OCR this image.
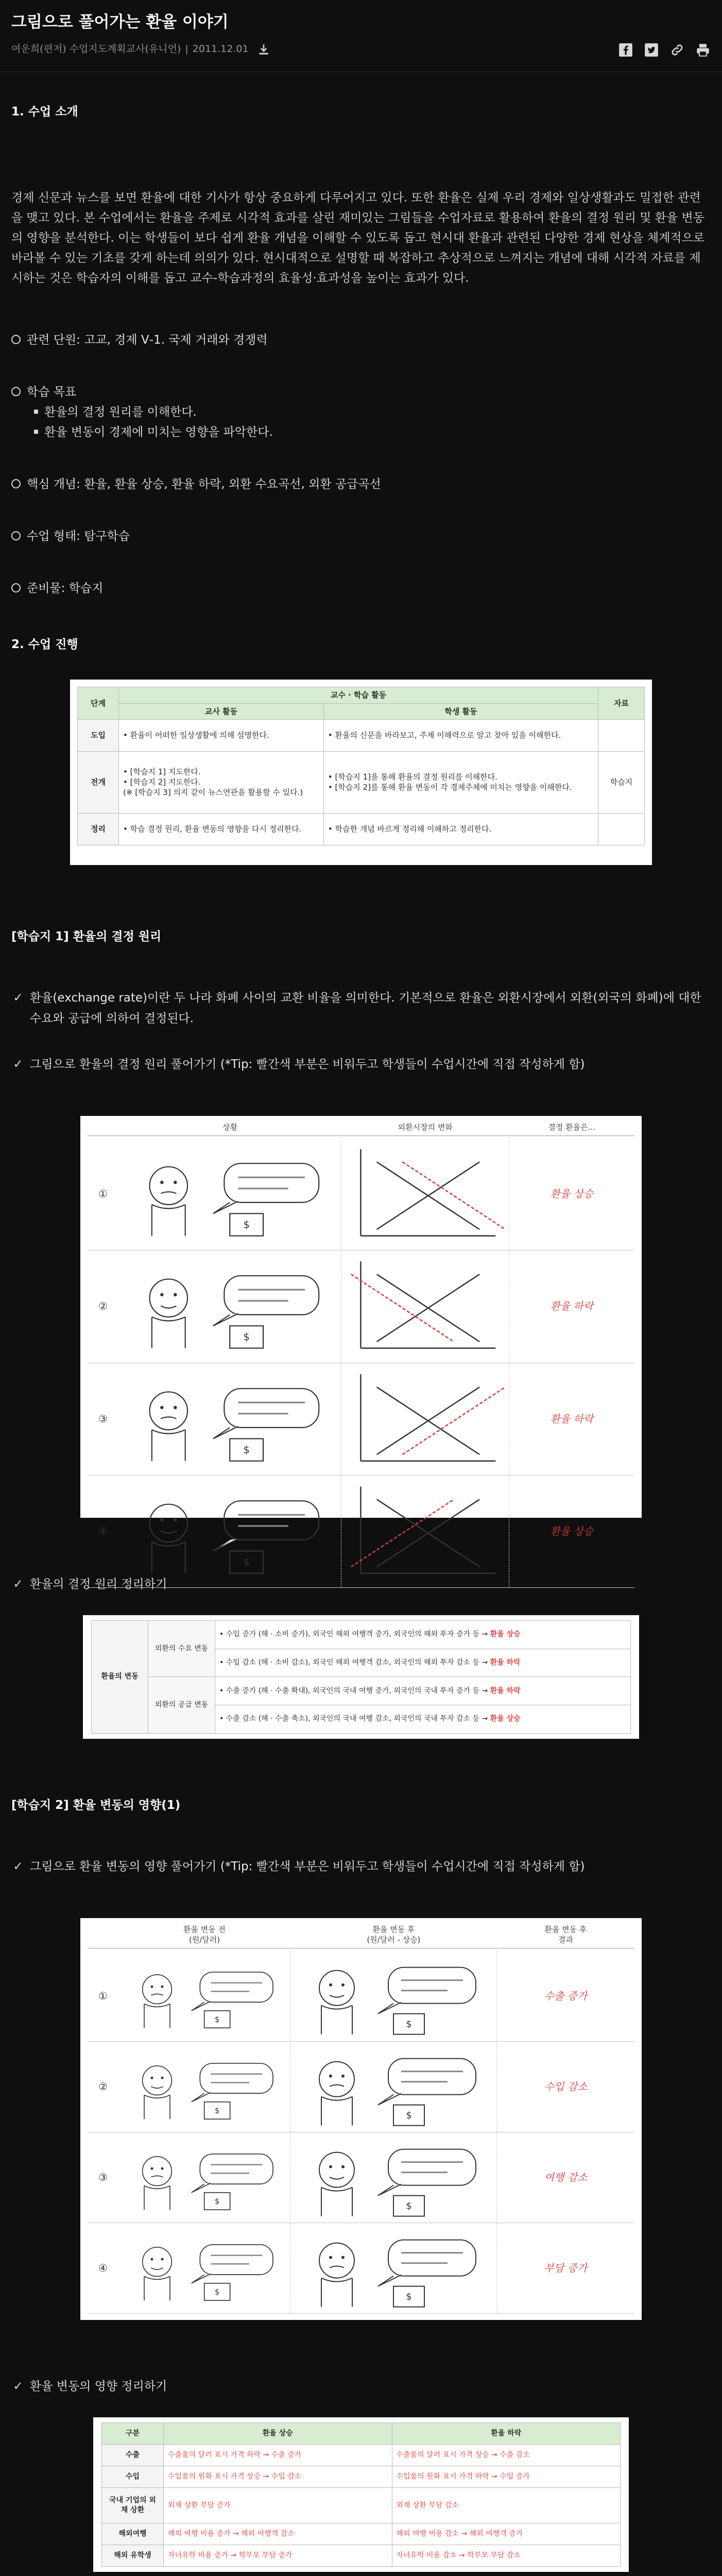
그림으로 풀어가는 환율 이야기
여운희(편저) 수업지도계획교사(유니언) | 2011.12.01
1. 수업 소개
경제 신문과 뉴스를 보면 환율에 대한 기사가 항상 중요하게 다루어지고 있다. 또한 환율은 실제 우리 경제와 일상생활과도 밀접한 관련을 맺고 있다. 본 수업에서는 환율을 주제로 시각적 효과를 살린 재미있는 그림들을 수업자료로 활용하여 환율의 결정 원리 및 환율 변동의 영향을 분석한다. 이는 학생들이 보다 쉽게 환율 개념을 이해할 수 있도록 돕고 현시대 환율과 관련된 다양한 경제 현상을 체계적으로 바라볼 수 있는 기초를 갖게 하는데 의의가 있다. 현시대적으로 설명할 때 복잡하고 추상적으로 느껴지는 개념에 대해 시각적 자료를 제시하는 것은 학습자의 이해를 돕고 교수-학습과정의 효율성·효과성을 높이는 효과가 있다.
관련 단원: 고교, 경제 Ⅴ-1. 국제 거래와 경쟁력
학습 목표
환율의 결정 원리를 이해한다.
환율 변동이 경제에 미치는 영향을 파악한다.
핵심 개념: 환율, 환율 상승, 환율 하락, 외환 수요곡선, 외환 공급곡선
수업 형태: 탐구학습
준비물: 학습지
2. 수업 진행
단계	교수 · 학습 활동		자료
	교사 활동	학생 활동	
도입	• 환율이 어떠한 일상생활에 의해 설명한다.	• 환율의 신문을 바라보고, 주제 이해력으로 알고 찾아 있을 이해한다.	
전개	• [학습지 1] 지도한다.
• [학습지 2] 지도한다.
(※ [학습지 3] 의지 같이 뉴스연관을 활용할 수 있다.)	• [학습지 1]을 통해 환율의 결정 원리를 이해한다.
• [학습지 2]를 통해 환율 변동이 각 경제주체에 미치는 영향을 이해한다.	학습지
정리	• 학습 결정 원리, 환율 변동의 영향을 다시 정리한다.	• 학습한 개념 바르게 정리해 이해하고 정리한다.	
[학습지 1] 환율의 결정 원리
✓ 환율(exchange rate)이란 두 나라 화폐 사이의 교환 비율을 의미한다. 기본적으로 환율은 외환시장에서 외환(외국의 화폐)에 대한 수요와 공급에 의하여 결정된다.
✓ 그림으로 환율의 결정 원리 풀어가기 (*Tip: 빨간색 부분은 비워두고 학생들이 수업시간에 직접 작성하게 함)
상황	외환시장의 변화	결정 환율은...
①
$
환율 상승
②
$
환율 하락
③
$
환율 하락
④
$
환율 상승
✓ 환율의 결정 원리 정리하기
환율의 변동	외환의 수요 변동	• 수입 증가 (해 · 소비 증가), 외국인 해외 여행객 증가, 외국인의 해외 투자 증가 등 → 환율 상승
		• 수입 감소 (해 · 소비 감소), 외국인 해외 여행객 감소, 외국인의 해외 투자 감소 등 → 환율 하락
	외환의 공급 변동	• 수출 증가 (해 · 수출 확대), 외국인의 국내 여행 증가, 외국인의 국내 투자 증가 등 → 환율 하락
		• 수출 감소 (해 · 수출 축소), 외국인의 국내 여행 감소, 외국인의 국내 투자 감소 등 → 환율 상승
[학습지 2] 환율 변동의 영향(1)
✓ 그림으로 환율 변동의 영향 풀어가기 (*Tip: 빨간색 부분은 비워두고 학생들이 수업시간에 직접 작성하게 함)
환율 변동 전
(원/달러)
환율 변동 후
(원/달러 - 상승)
환율 변동 후
결과
①
$	$
수출 증가
②
$	$
수입 감소
③
$	$
여행 감소
④
$	$
부담 증가
✓ 환율 변동의 영향 정리하기
구분	환율 상승	환율 하락
수출	수출품의 달러 표시 가격 하락 → 수출 증가	수출품의 달러 표시 가격 상승 → 수출 감소
수입	수입품의 원화 표시 가격 상승 → 수입 감소	수입품의 원화 표시 가격 하락 → 수입 증가
국내 기업의 외채 상환	외채 상환 부담 증가	외채 상환 부담 감소
해외여행	해외 여행 비용 증가 → 해외 여행객 감소	해외 여행 비용 감소 → 해외 여행객 증가
해외 유학생	자녀유학 비용 증가 → 학부모 부담 증가	자녀유학 비용 감소 → 학부모 부담 감소
